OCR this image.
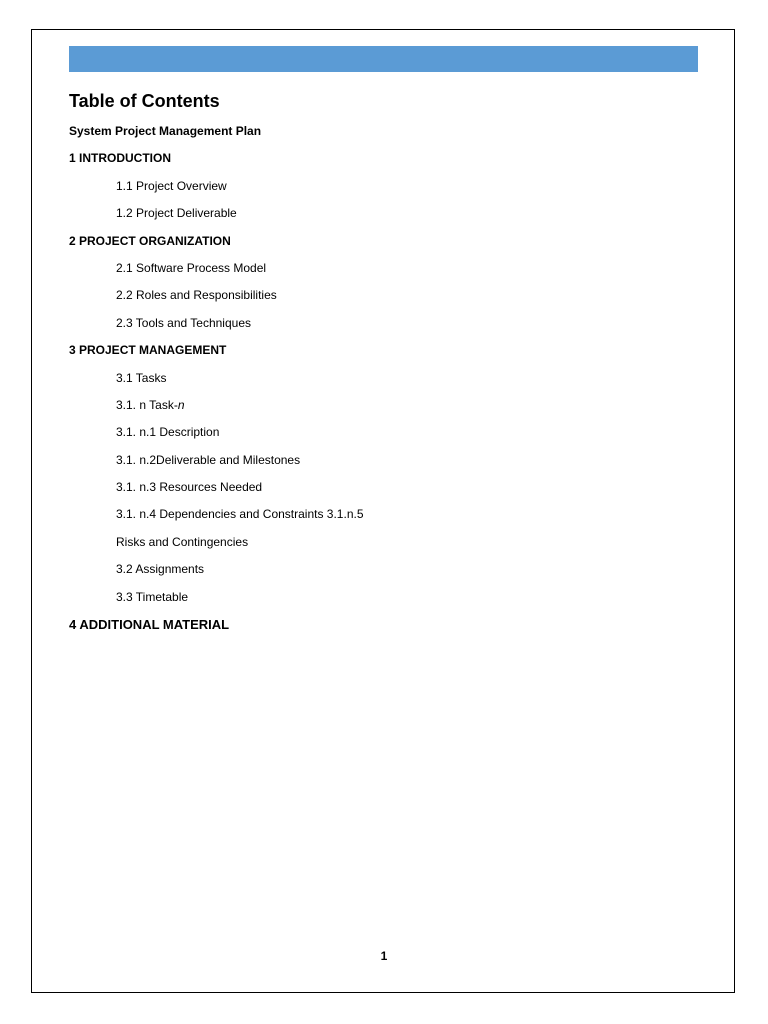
Table of Contents
System Project Management Plan
1 INTRODUCTION
1.1 Project Overview
1.2 Project Deliverable
2 PROJECT ORGANIZATION
2.1 Software Process Model
2.2 Roles and Responsibilities
2.3 Tools and Techniques
3 PROJECT MANAGEMENT
3.1 Tasks
3.1. n Task-n
3.1. n.1 Description
3.1. n.2Deliverable and Milestones
3.1. n.3 Resources Needed
3.1. n.4 Dependencies and Constraints 3.1.n.5
Risks and Contingencies
3.2 Assignments
3.3 Timetable
4 ADDITIONAL MATERIAL
1
